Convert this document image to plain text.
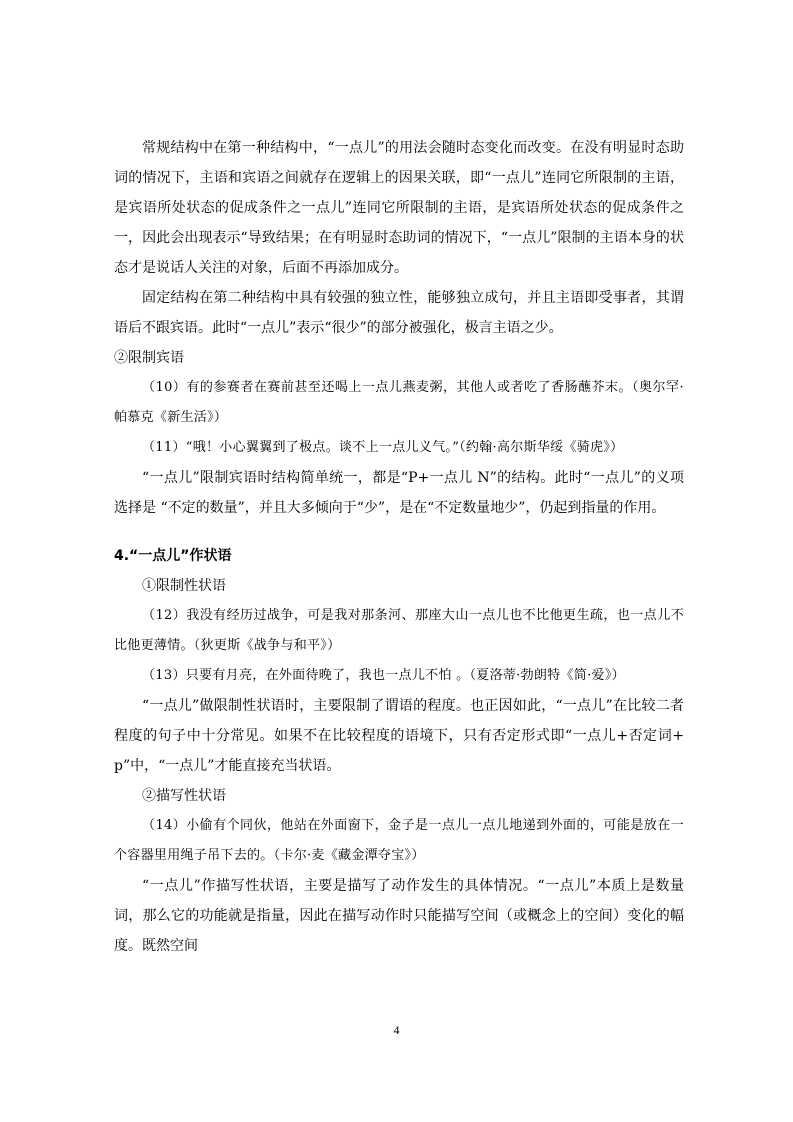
常规结构中在第一种结构中，“一点儿”的用法会随时态变化而改变。在没有明显时态助词的情况下，主语和宾语之间就存在逻辑上的因果关联，即“一点儿”连同它所限制的主语，是宾语所处状态的促成条件之一点儿”连同它所限制的主语，是宾语所处状态的促成条件之一，因此会出现表示“导致结果；在有明显时态助词的情况下，“一点儿”限制的主语本身的状态才是说话人关注的对象，后面不再添加成分。

固定结构在第二种结构中具有较强的独立性，能够独立成句，并且主语即受事者，其谓语后不跟宾语。此时“一点儿”表示“很少”的部分被强化，极言主语之少。

②限制宾语

（10）有的参赛者在赛前甚至还喝上一点儿燕麦粥，其他人或者吃了香肠蘸芥末。（奥尔罕·帕慕克《新生活》）

（11）“哦！小心翼翼到了极点。谈不上一点儿义气。”（约翰·高尔斯华绥《骑虎》）

“一点儿”限制宾语时结构简单统一，都是“P+一点儿 N”的结构。此时“一点儿”的义项选择是 “不定的数量”，并且大多倾向于“少”，是在“不定数量地少”，仍起到指量的作用。

4.“一点儿”作状语

①限制性状语

（12）我没有经历过战争，可是我对那条河、那座大山一点儿也不比他更生疏，也一点儿不比他更薄情。（狄更斯《战争与和平》）

（13）只要有月亮，在外面待晚了，我也一点儿不怕 。（夏洛蒂·勃朗特《简·爱》）

“一点儿”做限制性状语时，主要限制了谓语的程度。也正因如此，“一点儿”在比较二者程度的句子中十分常见。如果不在比较程度的语境下，只有否定形式即“一点儿+否定词+p”中，“一点儿”才能直接充当状语。

②描写性状语

（14）小偷有个同伙，他站在外面窗下，金子是一点儿一点儿地递到外面的，可能是放在一个容器里用绳子吊下去的。（卡尔·麦《藏金潭夺宝》）

“一点儿”作描写性状语，主要是描写了动作发生的具体情况。“一点儿”本质上是数量词，那么它的功能就是指量，因此在描写动作时只能描写空间（或概念上的空间）变化的幅度。既然空间

4
